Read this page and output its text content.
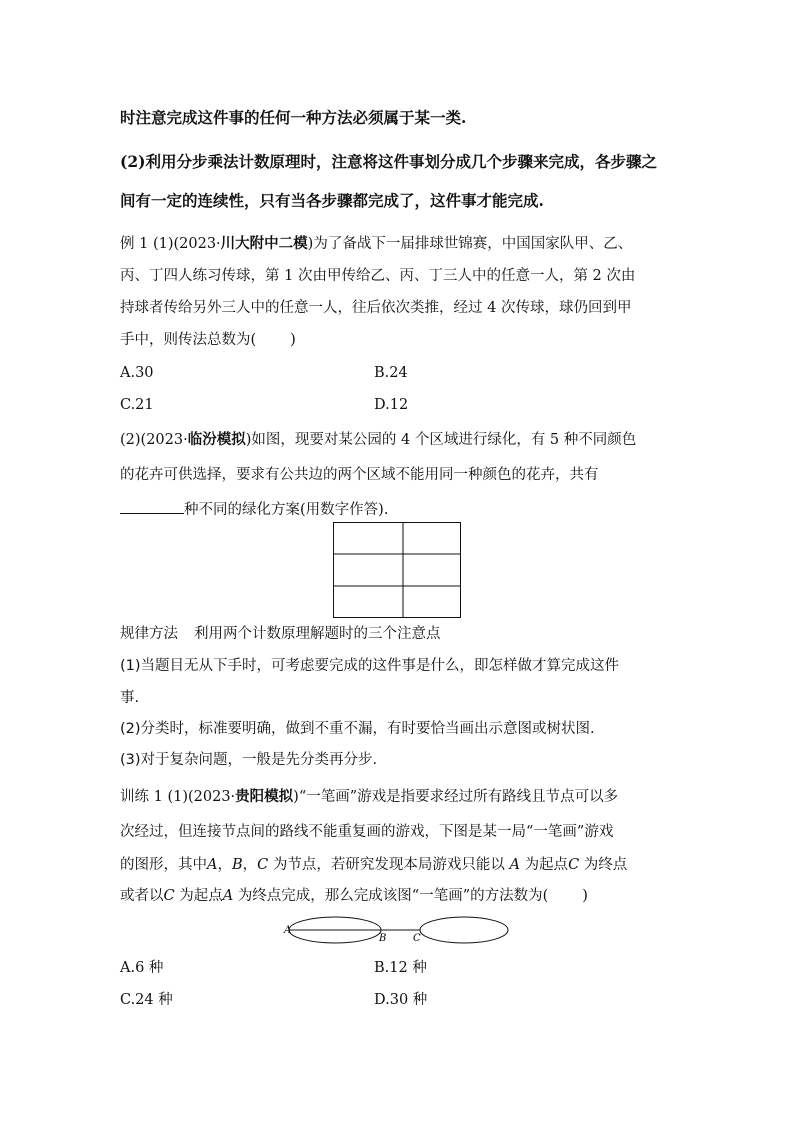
时注意完成这件事的任何一种方法必须属于某一类.
(2)利用分步乘法计数原理时，注意将这件事划分成几个步骤来完成，各步骤之
间有一定的连续性，只有当各步骤都完成了，这件事才能完成.
例 1 (1)(2023·川大附中二模)为了备战下一届排球世锦赛，中国国家队甲、乙、
丙、丁四人练习传球，第 1 次由甲传给乙、丙、丁三人中的任意一人，第 2 次由
持球者传给另外三人中的任意一人，往后依次类推，经过 4 次传球，球仍回到甲
手中，则传法总数为( )
A.30	B.24
C.21	D.12
(2)(2023·临汾模拟)如图，现要对某公园的 4 个区域进行绿化，有 5 种不同颜色
的花卉可供选择，要求有公共边的两个区域不能用同一种颜色的花卉，共有
种不同的绿化方案(用数字作答).
规律方法 利用两个计数原理解题时的三个注意点
(1)当题目无从下手时，可考虑要完成的这件事是什么，即怎样做才算完成这件
事.
(2)分类时，标准要明确，做到不重不漏，有时要恰当画出示意图或树状图.
(3)对于复杂问题，一般是先分类再分步.
训练 1 (1)(2023·贵阳模拟)“一笔画”游戏是指要求经过所有路线且节点可以多
次经过，但连接节点间的路线不能重复画的游戏，下图是某一局“一笔画”游戏
的图形，其中A，B，C 为节点，若研究发现本局游戏只能以 A 为起点C 为终点
或者以C 为起点A 为终点完成，那么完成该图“一笔画”的方法数为( )
A
B	C
A.6 种	B.12 种
C.24 种	D.30 种
